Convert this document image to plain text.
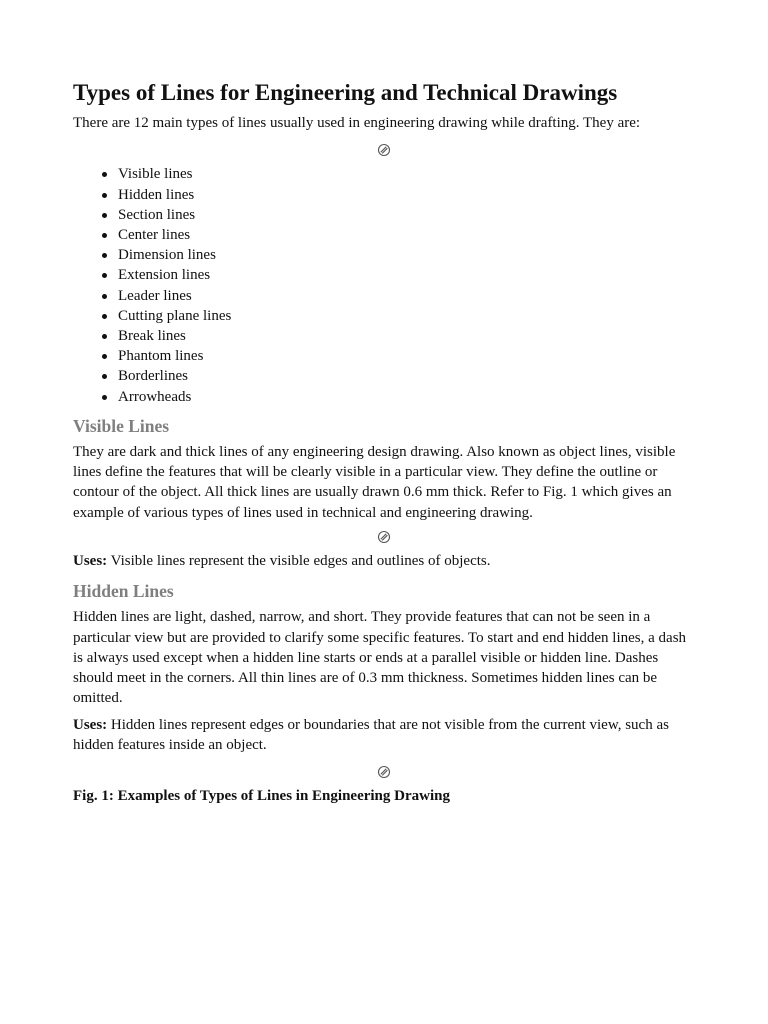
Types of Lines for Engineering and Technical Drawings

There are 12 main types of lines usually used in engineering drawing while drafting. They are:

Visible lines
Hidden lines
Section lines
Center lines
Dimension lines
Extension lines
Leader lines
Cutting plane lines
Break lines
Phantom lines
Borderlines
Arrowheads
Visible Lines

They are dark and thick lines of any engineering design drawing. Also known as object lines, visible lines define the features that will be clearly visible in a particular view. They define the outline or contour of the object. All thick lines are usually drawn 0.6 mm thick. Refer to Fig. 1 which gives an example of various types of lines used in technical and engineering drawing.

Uses: Visible lines represent the visible edges and outlines of objects.

Hidden Lines

Hidden lines are light, dashed, narrow, and short. They provide features that can not be seen in a particular view but are provided to clarify some specific features. To start and end hidden lines, a dash is always used except when a hidden line starts or ends at a parallel visible or hidden line. Dashes should meet in the corners. All thin lines are of 0.3 mm thickness. Sometimes hidden lines can be omitted.

Uses: Hidden lines represent edges or boundaries that are not visible from the current view, such as hidden features inside an object.

Fig. 1: Examples of Types of Lines in Engineering Drawing
